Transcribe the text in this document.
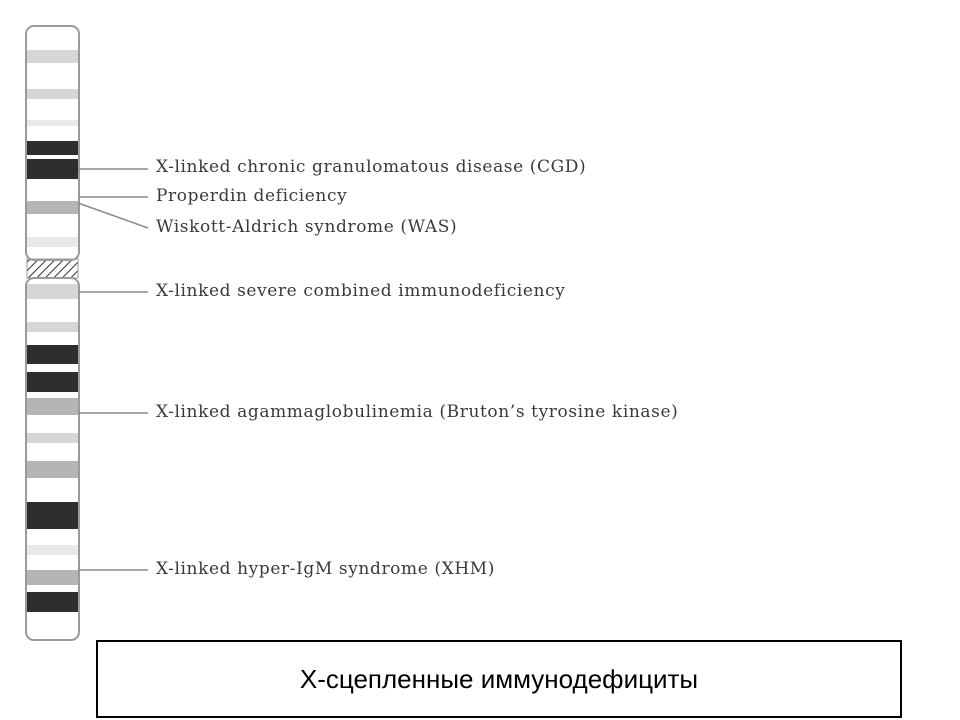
X-linked chronic granulomatous disease (CGD)
Properdin deficiency
Wiskott-Aldrich syndrome (WAS)
X-linked severe combined immunodeficiency
X-linked agammaglobulinemia (Bruton’s tyrosine kinase)
X-linked hyper-IgM syndrome (XHM)
X-сцепленные иммунодефициты
